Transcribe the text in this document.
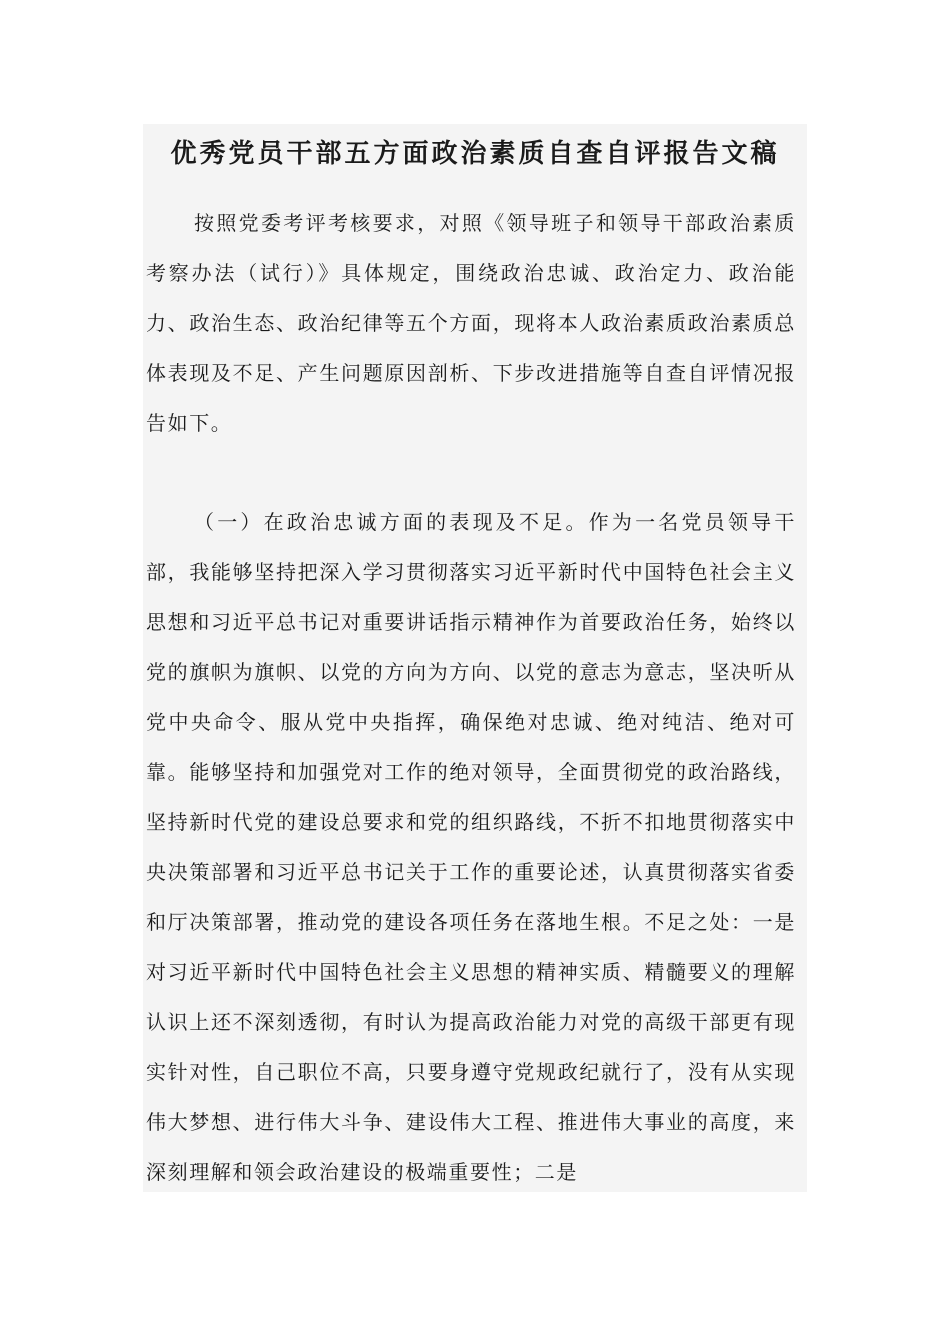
优秀党员干部五方面政治素质自查自评报告文稿

按照党委考评考核要求，对照《领导班子和领导干部政治素质考察办法（试行）》具体规定，围绕政治忠诚、政治定力、政治能力、政治生态、政治纪律等五个方面，现将本人政治素质政治素质总体表现及不足、产生问题原因剖析、下步改进措施等自查自评情况报告如下。

（一）在政治忠诚方面的表现及不足。作为一名党员领导干部，我能够坚持把深入学习贯彻落实习近平新时代中国特色社会主义思想和习近平总书记对重要讲话指示精神作为首要政治任务，始终以党的旗帜为旗帜、以党的方向为方向、以党的意志为意志，坚决听从党中央命令、服从党中央指挥，确保绝对忠诚、绝对纯洁、绝对可靠。能够坚持和加强党对工作的绝对领导，全面贯彻党的政治路线，坚持新时代党的建设总要求和党的组织路线，不折不扣地贯彻落实中央决策部署和习近平总书记关于工作的重要论述，认真贯彻落实省委和厅决策部署，推动党的建设各项任务在落地生根。不足之处：一是对习近平新时代中国特色社会主义思想的精神实质、精髓要义的理解认识上还不深刻透彻，有时认为提高政治能力对党的高级干部更有现实针对性，自己职位不高，只要身遵守党规政纪就行了，没有从实现伟大梦想、进行伟大斗争、建设伟大工程、推进伟大事业的高度，来深刻理解和领会政治建设的极端重要性；二是
